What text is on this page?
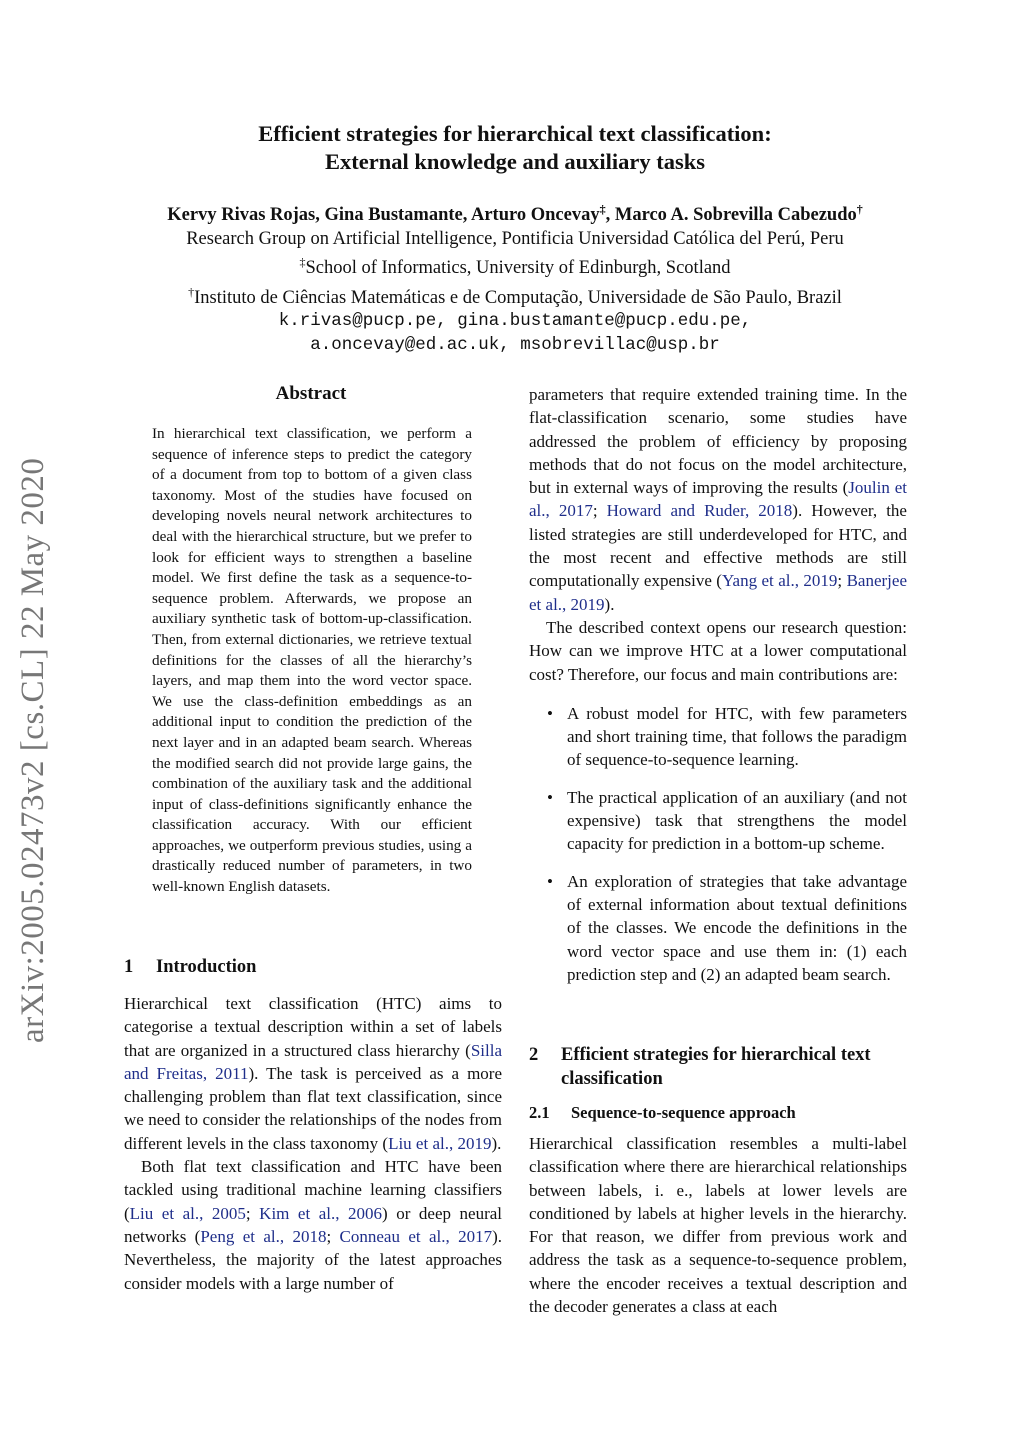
arXiv:2005.02473v2 [cs.CL] 22 May 2020
Efficient strategies for hierarchical text classification:
External knowledge and auxiliary tasks
Kervy Rivas Rojas, Gina Bustamante, Arturo Oncevay‡, Marco A. Sobrevilla Cabezudo†
Research Group on Artificial Intelligence, Pontificia Universidad Católica del Perú, Peru
‡School of Informatics, University of Edinburgh, Scotland
†Instituto de Ciências Matemáticas e de Computação, Universidade de São Paulo, Brazil
k.rivas@pucp.pe, gina.bustamante@pucp.edu.pe,
a.oncevay@ed.ac.uk, msobrevillac@usp.br
Abstract
In hierarchical text classification, we perform a sequence of inference steps to predict the category of a document from top to bottom of a given class taxonomy. Most of the studies have focused on developing novels neural network architectures to deal with the hierarchical structure, but we prefer to look for efficient ways to strengthen a baseline model. We first define the task as a sequence-to-sequence problem. Afterwards, we propose an auxiliary synthetic task of bottom-up-classification. Then, from external dictionaries, we retrieve textual definitions for the classes of all the hierarchy’s layers, and map them into the word vector space. We use the class-definition embeddings as an additional input to condition the prediction of the next layer and in an adapted beam search. Whereas the modified search did not provide large gains, the combination of the auxiliary task and the additional input of class-definitions significantly enhance the classification accuracy. With our efficient approaches, we outperform previous studies, using a drastically reduced number of parameters, in two well-known English datasets.
1 Introduction

Hierarchical text classification (HTC) aims to categorise a textual description within a set of labels that are organized in a structured class hierarchy (Silla and Freitas, 2011). The task is perceived as a more challenging problem than flat text classification, since we need to consider the relationships of the nodes from different levels in the class taxonomy (Liu et al., 2019).

Both flat text classification and HTC have been tackled using traditional machine learning classifiers (Liu et al., 2005; Kim et al., 2006) or deep neural networks (Peng et al., 2018; Conneau et al., 2017). Nevertheless, the majority of the latest approaches consider models with a large number of

parameters that require extended training time. In the flat-classification scenario, some studies have addressed the problem of efficiency by proposing methods that do not focus on the model architecture, but in external ways of improving the results (Joulin et al., 2017; Howard and Ruder, 2018). However, the listed strategies are still underdeveloped for HTC, and the most recent and effective methods are still computationally expensive (Yang et al., 2019; Banerjee et al., 2019).

The described context opens our research question: How can we improve HTC at a lower computational cost? Therefore, our focus and main contributions are:

• A robust model for HTC, with few parameters and short training time, that follows the paradigm of sequence-to-sequence learning.
• The practical application of an auxiliary (and not expensive) task that strengthens the model capacity for prediction in a bottom-up scheme.
• An exploration of strategies that take advantage of external information about textual definitions of the classes. We encode the definitions in the word vector space and use them in: (1) each prediction step and (2) an adapted beam search.
2	Efficient strategies for hierarchical text classification
2.1 Sequence-to-sequence approach

Hierarchical classification resembles a multi-label classification where there are hierarchical relationships between labels, i. e., labels at lower levels are conditioned by labels at higher levels in the hierarchy. For that reason, we differ from previous work and address the task as a sequence-to-sequence problem, where the encoder receives a textual description and the decoder generates a class at each
